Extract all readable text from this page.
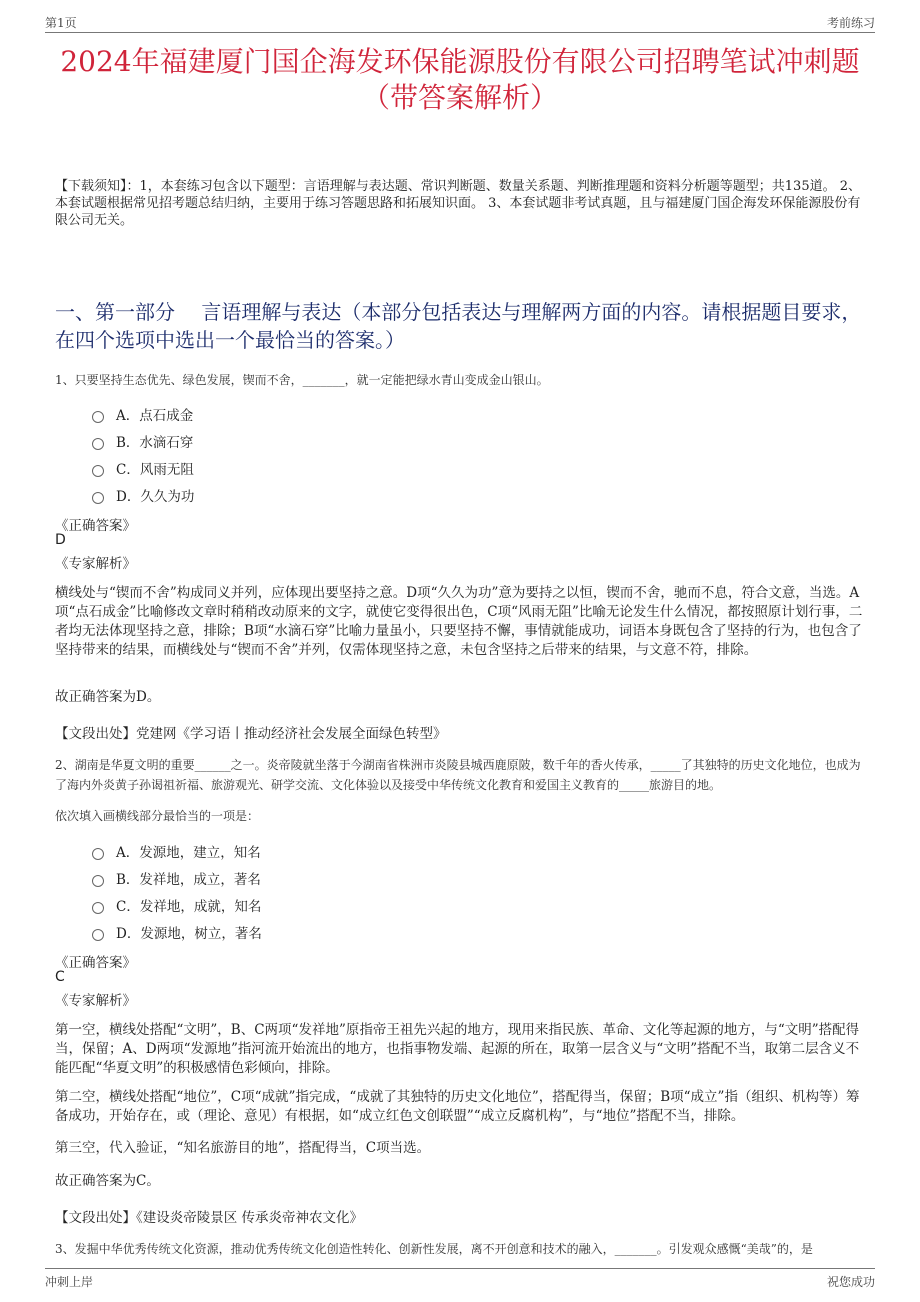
第1页	考前练习
2024年福建厦门国企海发环保能源股份有限公司招聘笔试冲刺题（带答案解析）
【下载须知】：1，本套练习包含以下题型：言语理解与表达题、常识判断题、数量关系题、判断推理题和资料分析题等题型；共135道。 2、本套试题根据常见招考题总结归纳，主要用于练习答题思路和拓展知识面。 3、本套试题非考试真题，且与福建厦门国企海发环保能源股份有限公司无关。
一、第一部分　 言语理解与表达（本部分包括表达与理解两方面的内容。请根据题目要求，在四个选项中选出一个最恰当的答案。）
1、只要坚持生态优先、绿色发展，锲而不舍，_______，就一定能把绿水青山变成金山银山。
A．点石成金
B．水滴石穿
C．风雨无阻
D．久久为功
《正确答案》
D
《专家解析》
横线处与“锲而不舍”构成同义并列，应体现出要坚持之意。D项“久久为功”意为要持之以恒，锲而不舍，驰而不息，符合文意，当选。A项“点石成金”比喻修改文章时稍稍改动原来的文字，就使它变得很出色，C项“风雨无阻”比喻无论发生什么情况，都按照原计划行事，二者均无法体现坚持之意，排除；B项“水滴石穿”比喻力量虽小，只要坚持不懈，事情就能成功，词语本身既包含了坚持的行为，也包含了坚持带来的结果，而横线处与“锲而不舍”并列，仅需体现坚持之意，未包含坚持之后带来的结果，与文意不符，排除。
故正确答案为D。
【文段出处】党建网《学习语丨推动经济社会发展全面绿色转型》
2、湖南是华夏文明的重要______之一。炎帝陵就坐落于今湖南省株洲市炎陵县城西鹿原陂，数千年的香火传承，_____了其独特的历史文化地位，也成为了海内外炎黄子孙谒祖祈福、旅游观光、研学交流、文化体验以及接受中华传统文化教育和爱国主义教育的_____旅游目的地。
依次填入画横线部分最恰当的一项是：
A．发源地，建立，知名
B．发祥地，成立，著名
C．发祥地，成就，知名
D．发源地，树立，著名
《正确答案》
C
《专家解析》
第一空，横线处搭配“文明”，B、C两项“发祥地”原指帝王祖先兴起的地方，现用来指民族、革命、文化等起源的地方，与“文明”搭配得当，保留；A、D两项“发源地”指河流开始流出的地方，也指事物发端、起源的所在，取第一层含义与“文明”搭配不当，取第二层含义不能匹配“华夏文明”的积极感情色彩倾向，排除。
第二空，横线处搭配“地位”，C项“成就”指完成，“成就了其独特的历史文化地位”，搭配得当，保留；B项“成立”指（组织、机构等）筹备成功，开始存在，或（理论、意见）有根据，如“成立红色文创联盟”“成立反腐机构”，与“地位”搭配不当，排除。
第三空，代入验证，“知名旅游目的地”，搭配得当，C项当选。
故正确答案为C。
【文段出处】《建设炎帝陵景区 传承炎帝神农文化》
3、发掘中华优秀传统文化资源，推动优秀传统文化创造性转化、创新性发展，离不开创意和技术的融入，_______。引发观众感慨“美哉”的，是
冲刺上岸	祝您成功
